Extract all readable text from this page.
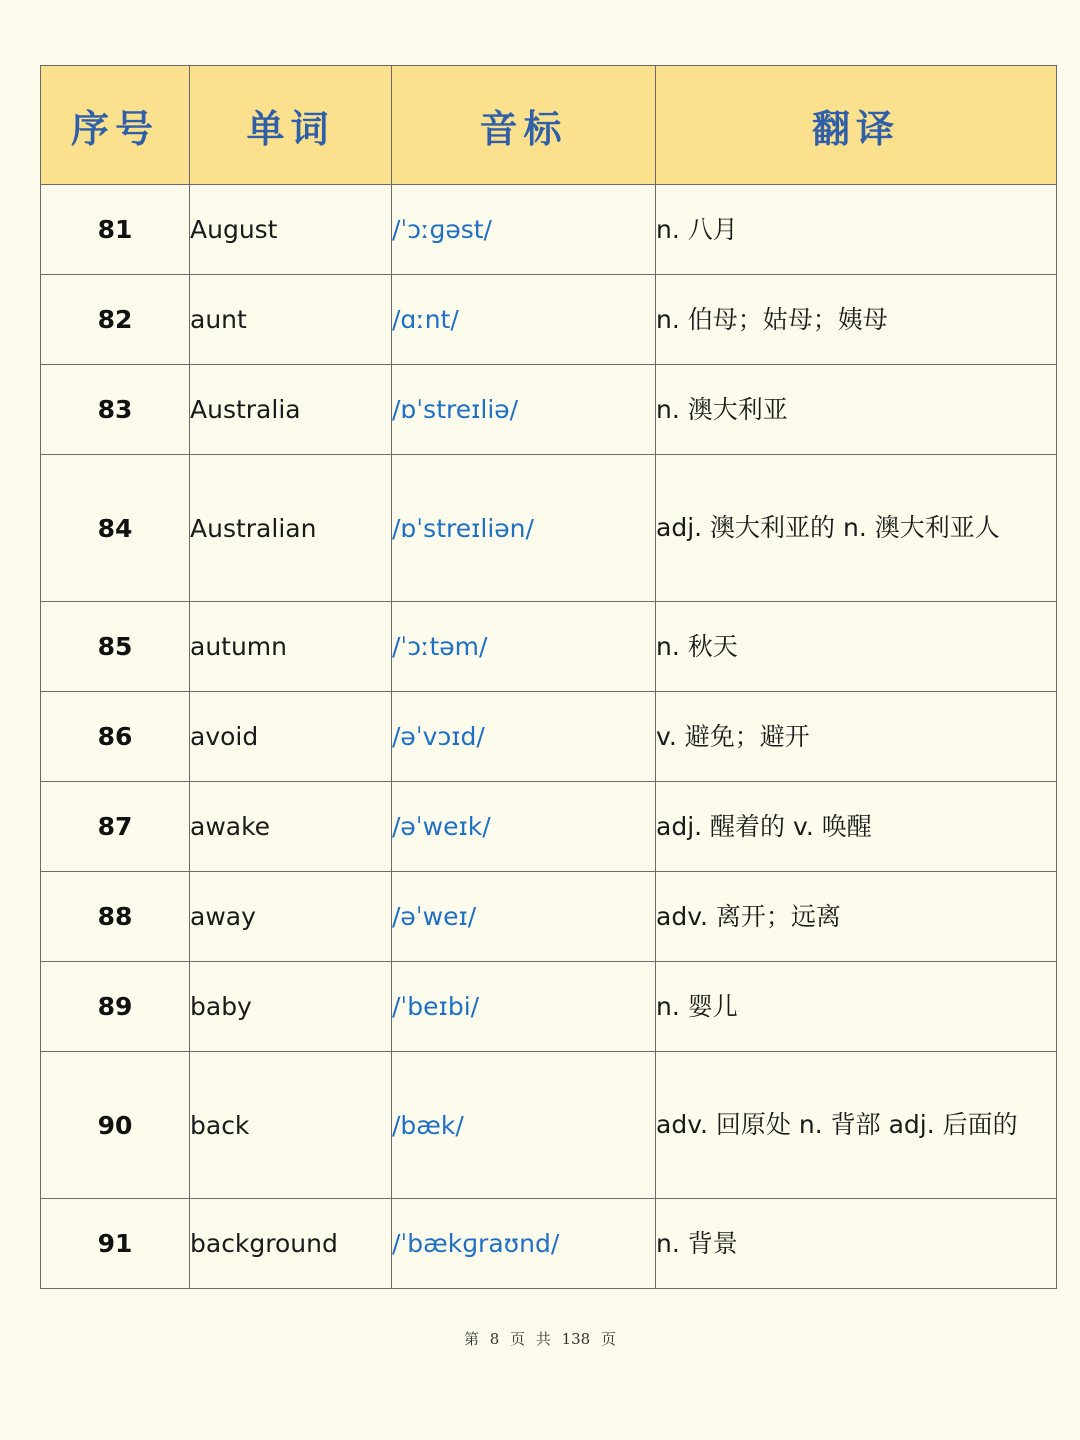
序号	单词	音标	翻译
81	August	/ˈɔːɡəst/	n. 八月
82	aunt	/ɑːnt/	n. 伯母；姑母；姨母
83	Australia	/ɒˈstreɪliə/	n. 澳大利亚
84	Australian	/ɒˈstreɪliən/	adj. 澳大利亚的 n. 澳大利亚人
85	autumn	/ˈɔːtəm/	n. 秋天
86	avoid	/əˈvɔɪd/	v. 避免；避开
87	awake	/əˈweɪk/	adj. 醒着的 v. 唤醒
88	away	/əˈweɪ/	adv. 离开；远离
89	baby	/ˈbeɪbi/	n. 婴儿
90	back	/bæk/	adv. 回原处 n. 背部 adj. 后面的
91	background	/ˈbækɡraʊnd/	n. 背景
第 8 页 共 138 页
